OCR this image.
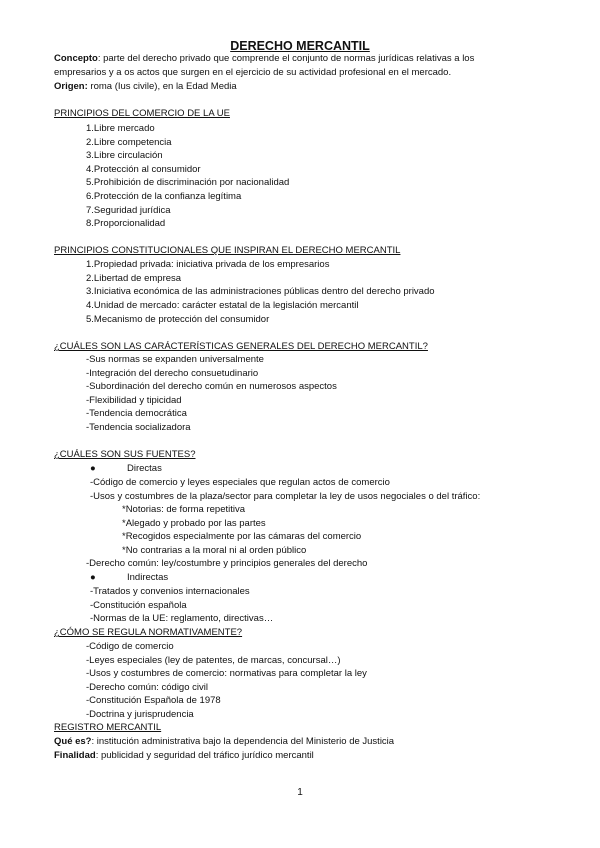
DERECHO MERCANTIL
Concepto: parte del derecho privado que comprende el conjunto de normas jurídicas relativas a los
empresarios y a os actos que surgen en el ejercicio de su actividad profesional en el mercado.
Origen: roma (Ius civile), en la Edad Media
PRINCIPIOS DEL COMERCIO DE LA UE
1.Libre mercado
2.Libre competencia
3.Libre circulación
4.Protección al consumidor
5.Prohibición de discriminación por nacionalidad
6.Protección de la confianza legítima
7.Seguridad jurídica
8.Proporcionalidad
PRINCIPIOS CONSTITUCIONALES QUE INSPIRAN EL DERECHO MERCANTIL
1.Propiedad privada: iniciativa privada de los empresarios
2.Libertad de empresa
3.Iniciativa económica de las administraciones públicas dentro del derecho privado
4.Unidad de mercado: carácter estatal de la legislación mercantil
5.Mecanismo de protección del consumidor
¿CUÁLES SON LAS CARÁCTERÍSTICAS GENERALES DEL DERECHO MERCANTIL?
-Sus normas se expanden universalmente
-Integración del derecho consuetudinario
-Subordinación del derecho común en numerosos aspectos
-Flexibilidad y tipicidad
-Tendencia democrática
-Tendencia socializadora
¿CUÁLES SON SUS FUENTES?
●	Directas
-Código de comercio y leyes especiales que regulan actos de comercio
-Usos y costumbres de la plaza/sector para completar la ley de usos negociales o del tráfico:
*Notorias: de forma repetitiva
*Alegado y probado por las partes
*Recogidos especialmente por las cámaras del comercio
*No contrarias a la moral ni al orden público
-Derecho común: ley/costumbre y principios generales del derecho
●	Indirectas
-Tratados y convenios internacionales
-Constitución española
-Normas de la UE: reglamento, directivas…
¿CÓMO SE REGULA NORMATIVAMENTE?
-Código de comercio
-Leyes especiales (ley de patentes, de marcas, concursal…)
-Usos y costumbres de comercio: normativas para completar la ley
-Derecho común: código civil
-Constitución Española de 1978
-Doctrina y jurisprudencia
REGISTRO MERCANTIL
Qué es?: institución administrativa bajo la dependencia del Ministerio de Justicia
Finalidad: publicidad y seguridad del tráfico jurídico mercantil
1
